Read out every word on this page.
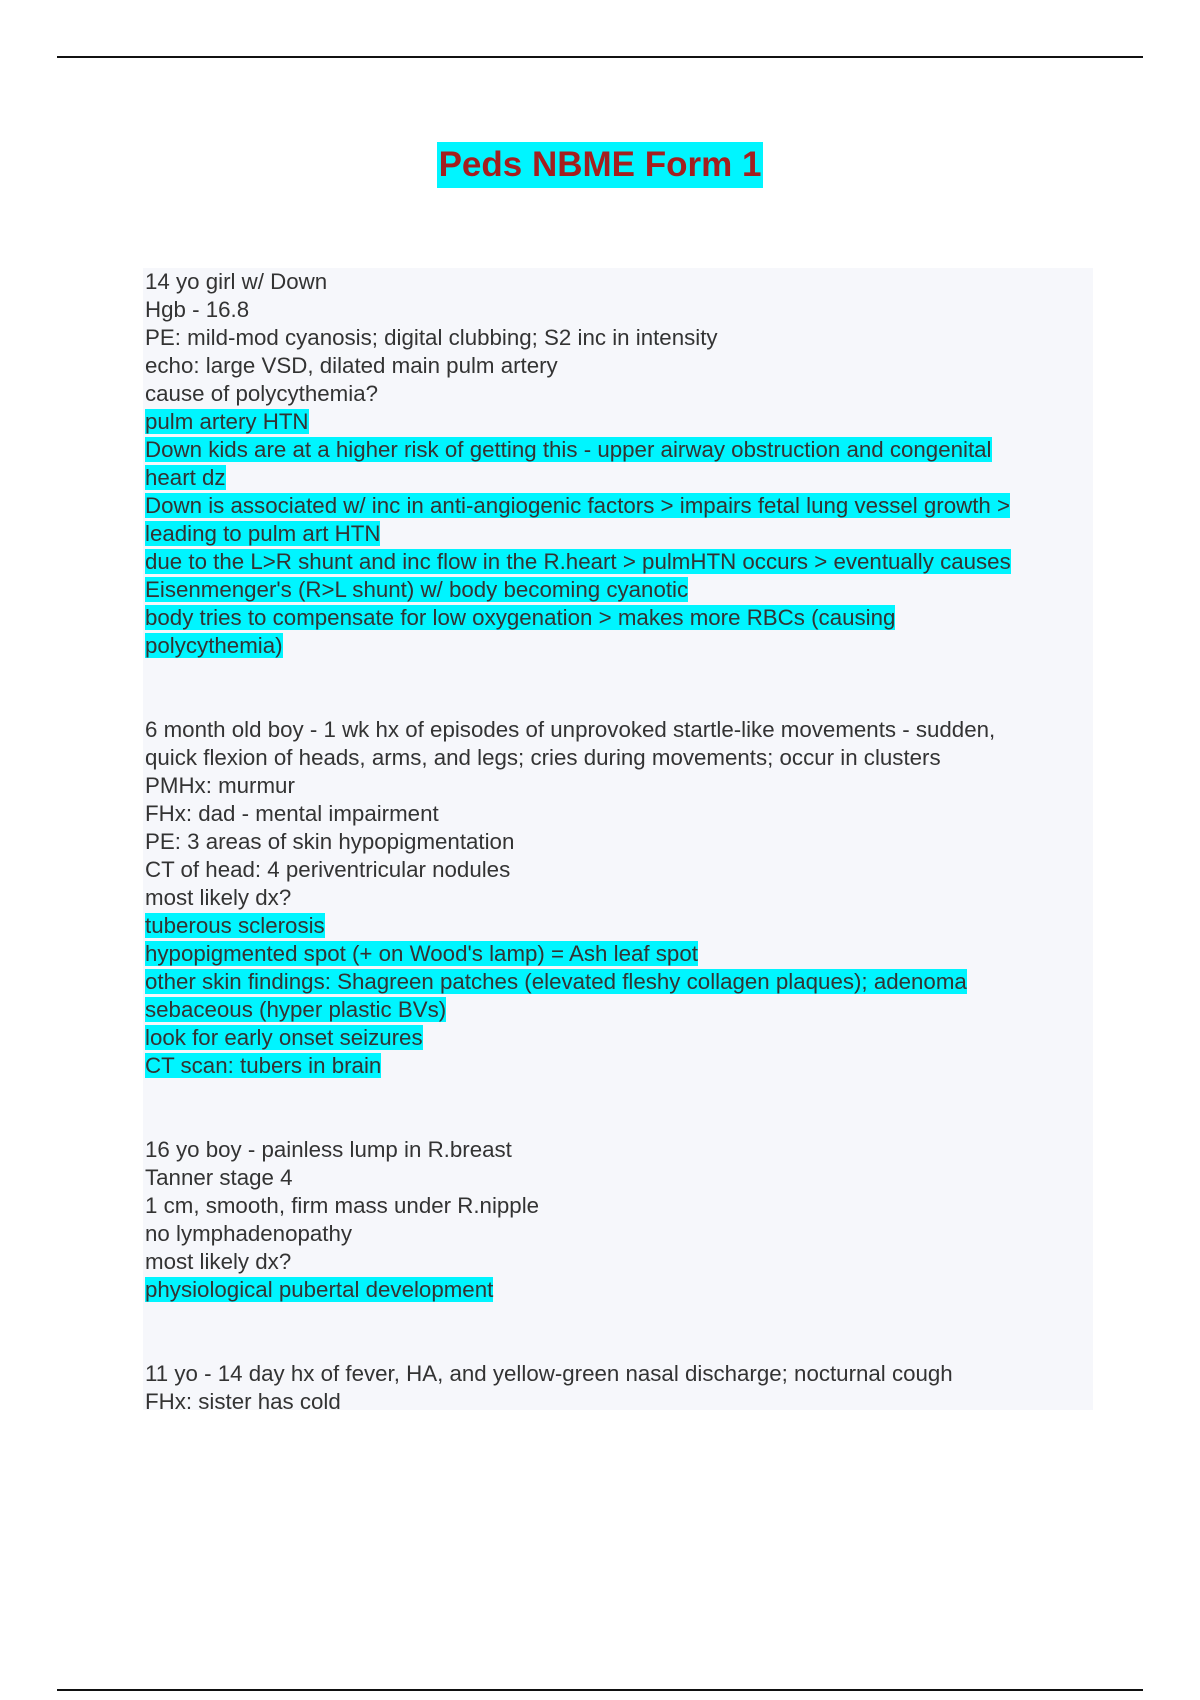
Peds NBME Form 1
14 yo girl w/ Down
Hgb - 16.8
PE: mild-mod cyanosis; digital clubbing; S2 inc in intensity
echo: large VSD, dilated main pulm artery
cause of polycythemia?
pulm artery HTN
Down kids are at a higher risk of getting this - upper airway obstruction and congenital
heart dz
Down is associated w/ inc in anti-angiogenic factors > impairs fetal lung vessel growth >
leading to pulm art HTN
due to the L>R shunt and inc flow in the R.heart > pulmHTN occurs > eventually causes
Eisenmenger's (R>L shunt) w/ body becoming cyanotic
body tries to compensate for low oxygenation > makes more RBCs (causing
polycythemia)
6 month old boy - 1 wk hx of episodes of unprovoked startle-like movements - sudden,
quick flexion of heads, arms, and legs; cries during movements; occur in clusters
PMHx: murmur
FHx: dad - mental impairment
PE: 3 areas of skin hypopigmentation
CT of head: 4 periventricular nodules
most likely dx?
tuberous sclerosis
hypopigmented spot (+ on Wood's lamp) = Ash leaf spot
other skin findings: Shagreen patches (elevated fleshy collagen plaques); adenoma
sebaceous (hyper plastic BVs)
look for early onset seizures
CT scan: tubers in brain
16 yo boy - painless lump in R.breast
Tanner stage 4
1 cm, smooth, firm mass under R.nipple
no lymphadenopathy
most likely dx?
physiological pubertal development
11 yo - 14 day hx of fever, HA, and yellow-green nasal discharge; nocturnal cough
FHx: sister has cold
